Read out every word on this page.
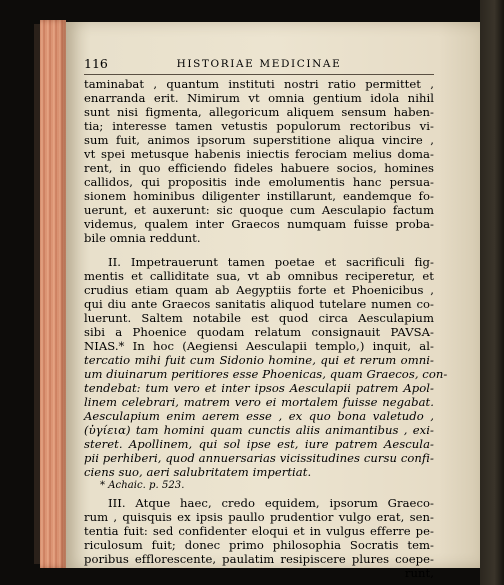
116	HISTORIAE MEDICINAE
taminabat , quantum instituti nostri ratio permittet ,
enarranda erit. Nimirum vt omnia gentium idola nihil
sunt nisi figmenta, allegoricum aliquem sensum haben-
tia; interesse tamen vetustis populorum rectoribus vi-
sum fuit, animos ipsorum superstitione aliqua vincire ,
vt spei metusque habenis iniectis ferociam melius doma-
rent, in quo efficiendo fideles habuere socios, homines
callidos, qui propositis inde emolumentis hanc persua-
sionem hominibus diligenter instillarunt, eandemque fo-
uerunt, et auxerunt: sic quoque cum Aesculapio factum
videmus, qualem inter Graecos numquam fuisse proba-
bile omnia reddunt.
II. Impetrauerunt tamen poetae et sacrificuli fig-
mentis et calliditate sua, vt ab omnibus reciperetur, et
crudius etiam quam ab Aegyptiis forte et Phoenicibus ,
qui diu ante Graecos sanitatis aliquod tutelare numen co-
luerunt. Saltem notabile est quod circa Aesculapium
sibi a Phoenice quodam relatum consignauit PAVSA-
NIAS.* In hoc (Aegiensi Aesculapii templo,) inquit, al-
tercatio mihi fuit cum Sidonio homine, qui et rerum omni-
um diuinarum peritiores esse Phoenicas, quam Graecos, con-
tendebat: tum vero et inter ipsos Aesculapii patrem Apol-
linem celebrari, matrem vero ei mortalem fuisse negabat.
Aesculapium enim aerem esse , ex quo bona valetudo ,
(ὑγίεια) tam homini quam cunctis aliis animantibus , exi-
steret. Apollinem, qui sol ipse est, iure patrem Aescula-
pii perhiberi, quod annuersarias vicissitudines cursu confi-
ciens suo, aeri salubritatem impertiat.
* Achaic. p. 523.
III. Atque haec, credo equidem, ipsorum Graeco-
rum , quisquis ex ipsis paullo prudentior vulgo erat, sen-
tentia fuit: sed confidenter eloqui et in vulgus efferre pe-
riculosum fuit; donec primo philosophia Socratis tem-
poribus efflorescente, paulatim resipiscere plures coepe-
runt,
